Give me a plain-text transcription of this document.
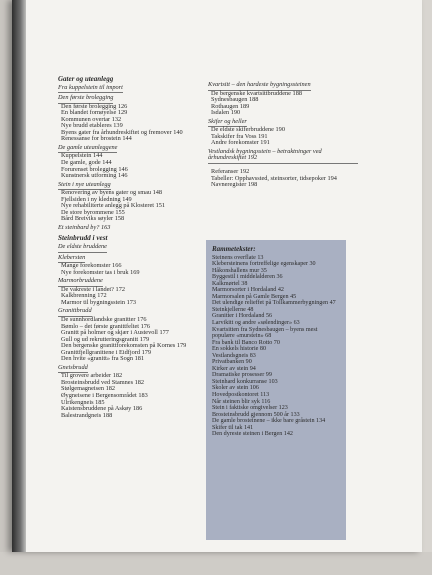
Gater og uteanlegg
Fra kuppelstein til import
Den første brolegging
Den første brolegging 126
En blandet fornøyelse 129
Kommunen overtar 132
Nye brudd etableres 139
Byens gater fra århundreskiftet og fremover 140
Renessanse for brostein 144
De gamle uteanleggene
Kuppelstein 144
De gamle, gode 144
Forurenset brolegging 146
Kunstnersk utforming 146
Stein i nye uteanlegg
Renovering av byens gater og smau 148
Fjellsiden i ny kledning 149
Nye rehabiliterte anlegg på Klosteret 151
De store byrommene 155
Bård Breiviks søyler 158
Et steinbard by? 163
Steinbrudd i vest
De eldste bruddene
Klebersten
Mange forekomster 166
Nye forekomster tas i bruk 169
Marmorbruddene
De vakreste i landet? 172
Kalkbrenning 172
Marmor til bygningsstein 173
Granittbrudd
De sunnhordlandske granitter 176
Bømlo – det første granittfeltet 176
Granitt på holmer og skjær i Austevoll 177
Gull og ud rekrutteringsgranitt 179
Den bergenske granittforekomsten på Kornes 179
Granittfjellgranittene i Eidfjord 179
Den hvite «granitt» fra Sogn 181
Gneisbrudd
Til grovere arbeider 182
Brosteinsbrudd ved Stamnes 182
Stølgemagneisen 182
Øygneisene i Bergensområdet 183
Ulrikengneis 185
Kaistensbruddene på Askøy 186
Balestrandgneis 188
Kvartsitt – den hardeste bygningssteinen
De bergenske kvartsittbruddene 188
Sydnesbaugen 188
Rothaugen 189
Isdalen 190
Skifer og heller
De eldste skiferbruddene 190
Takskifer fra Voss 191
Andre forekomster 191
Vestlandsk bygningsstein – betraktninger ved århundreskiftet 192
Referanser 192
Tabeller: Opphavssted, steinsorter, tidsepoker 194
Navneregister 198
Rammetekster:
Steinens overflate 13
Klebersteinens fortreffelige egenskaper 30
Håkonshallens mur 35
Byggestil i middelalderen 36
Kalkmørtel 38
Marmorsorter i Hordaland 42
Marmorsalen på Gamle Bergen 45
Det ulendige relieffet på Tollkammerbygningen 47
Steinkjellerne 48
Granitter i Hordaland 56
Larvikitt og andre «sølendinger» 63
Kvartsitten fra Sydnesbaugen – byens mest
populære «murstein» 68
Fra bank til Banco Rotto 70
En sokkels historie 80
Vestlandsgneis 83
Privatbanken 90
Kirker av stein 94
Dramatiske prosesser 99
Steinhard konkurranse 103
Skoler av stein 106
Hovedpostkontoret 113
Når steinen blir syk 116
Stein i faktiske omgivelser 123
Brosteinsbrudd gjennom 500 år 133
De gamle brosteinene – ikke bare gråstein 134
Skifer til tak 141
Den dyreste steinen i Bergen 142
